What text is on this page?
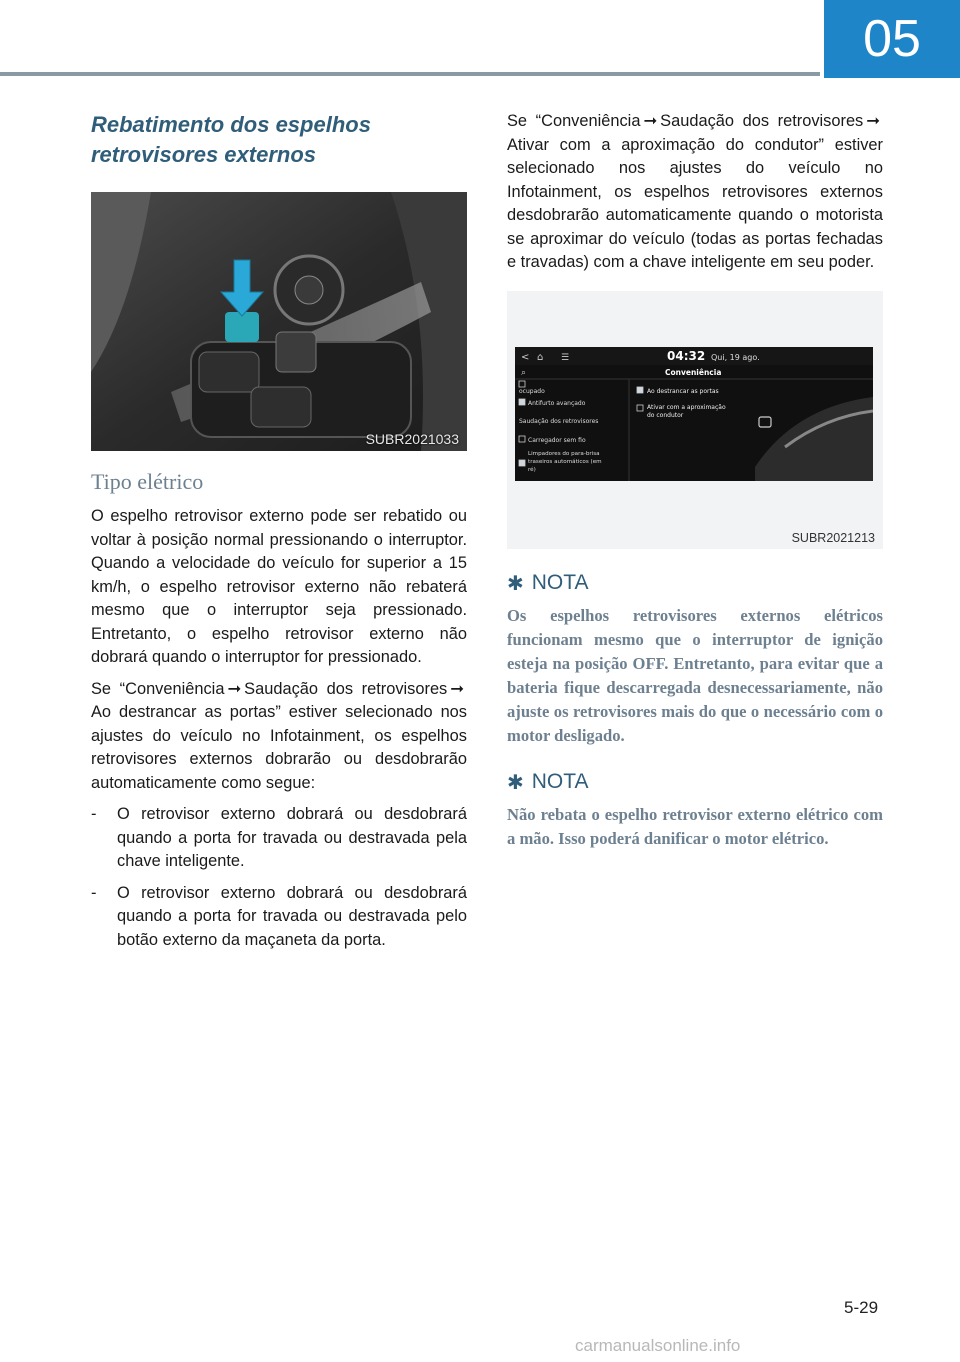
05
Rebatimento dos espelhos retrovisores externos
SUBR2021033
Tipo elétrico

O espelho retrovisor externo pode ser rebatido ou voltar à posição normal pressionando o interruptor. Quando a velocidade do veículo for superior a 15 km/h, o espelho retrovisor externo não rebaterá mesmo que o interruptor seja pressionado. Entretanto, o espelho retrovisor externo não dobrará quando o interruptor for pressionado.

Se “Conveniência ➞ Saudação dos retrovisores ➞Ao destrancar as portas” estiver selecionado nos ajustes do veículo no Infotainment, os espelhos retrovisores externos dobrarão ou desdobrarão automaticamente como segue:

- O retrovisor externo dobrará ou desdobrará quando a porta for travada ou destravada pela chave inteligente.
- O retrovisor externo dobrará ou desdobrará quando a porta for travada ou destravada pelo botão externo da maçaneta da porta.

Se “Conveniência ➞ Saudação dos retrovisores ➞Ativar com a aproximação do condutor” estiver selecionado nos ajustes do veículo no Infotainment, os espelhos retrovisores externos desdobrarão automaticamente quando o motorista se aproximar do veículo (todas as portas fechadas e travadas) com a chave inteligente em seu poder.

< ⌂ ☰	04:32 Qui, 19 ago.
⌕	Conveniência
ocupado
Antifurto avançado
Saudação dos retrovisores
Carregador sem fio
Limpadores do para-brisa
traseiros automáticos (em
ré)
Ao destrancar as portas
Ativar com a aproximação
do condutor
SUBR2021213
✱ NOTA

Os espelhos retrovisores externos elétricos funcionam mesmo que o interruptor de ignição esteja na posição OFF. Entretanto, para evitar que a bateria fique descarregada desnecessariamente, não ajuste os retrovisores mais do que o necessário com o motor desligado.

✱ NOTA

Não rebata o espelho retrovisor externo elétrico com a mão. Isso poderá danificar o motor elétrico.

5-29
carmanualsonline.info
